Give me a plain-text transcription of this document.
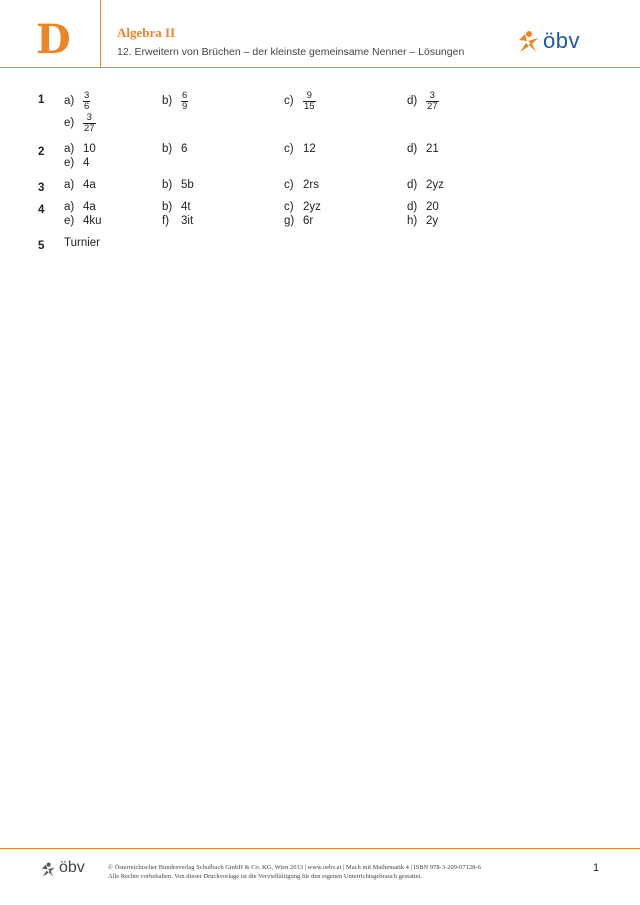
D	Algebra II
12. Erweitern von Brüchen – der kleinste gemeinsame Nenner – Lösungen	öbv
1 $a) \frac{3}{6}$	$b) \frac{6}{9}$	$c) \frac{9}{15}$	$d) \frac{3}{27}$
$e) \frac{3}{27}$
2 a) 10	b) 6	c) 12	d) 21
e) 4
3 a) 4a	b) 5b	c) 2rs	d) 2yz
4 a) 4a	b) 4t	c) 2yz	d) 20
e) 4ku	f) 3it	g) 6r	h) 2y
5 Turnier
öbv	© Österreichischer Bundesverlag Schulbuch GmbH & Co. KG, Wien 2013 | www.oebv.at | Mach mit Mathematik 4 | ISBN 978-3-209-07128-6
Alle Rechte vorbehalten. Von dieser Druckvorlage ist die Vervielfältigung für den eigenen Unterrichtsgebrauch gestattet.
1
